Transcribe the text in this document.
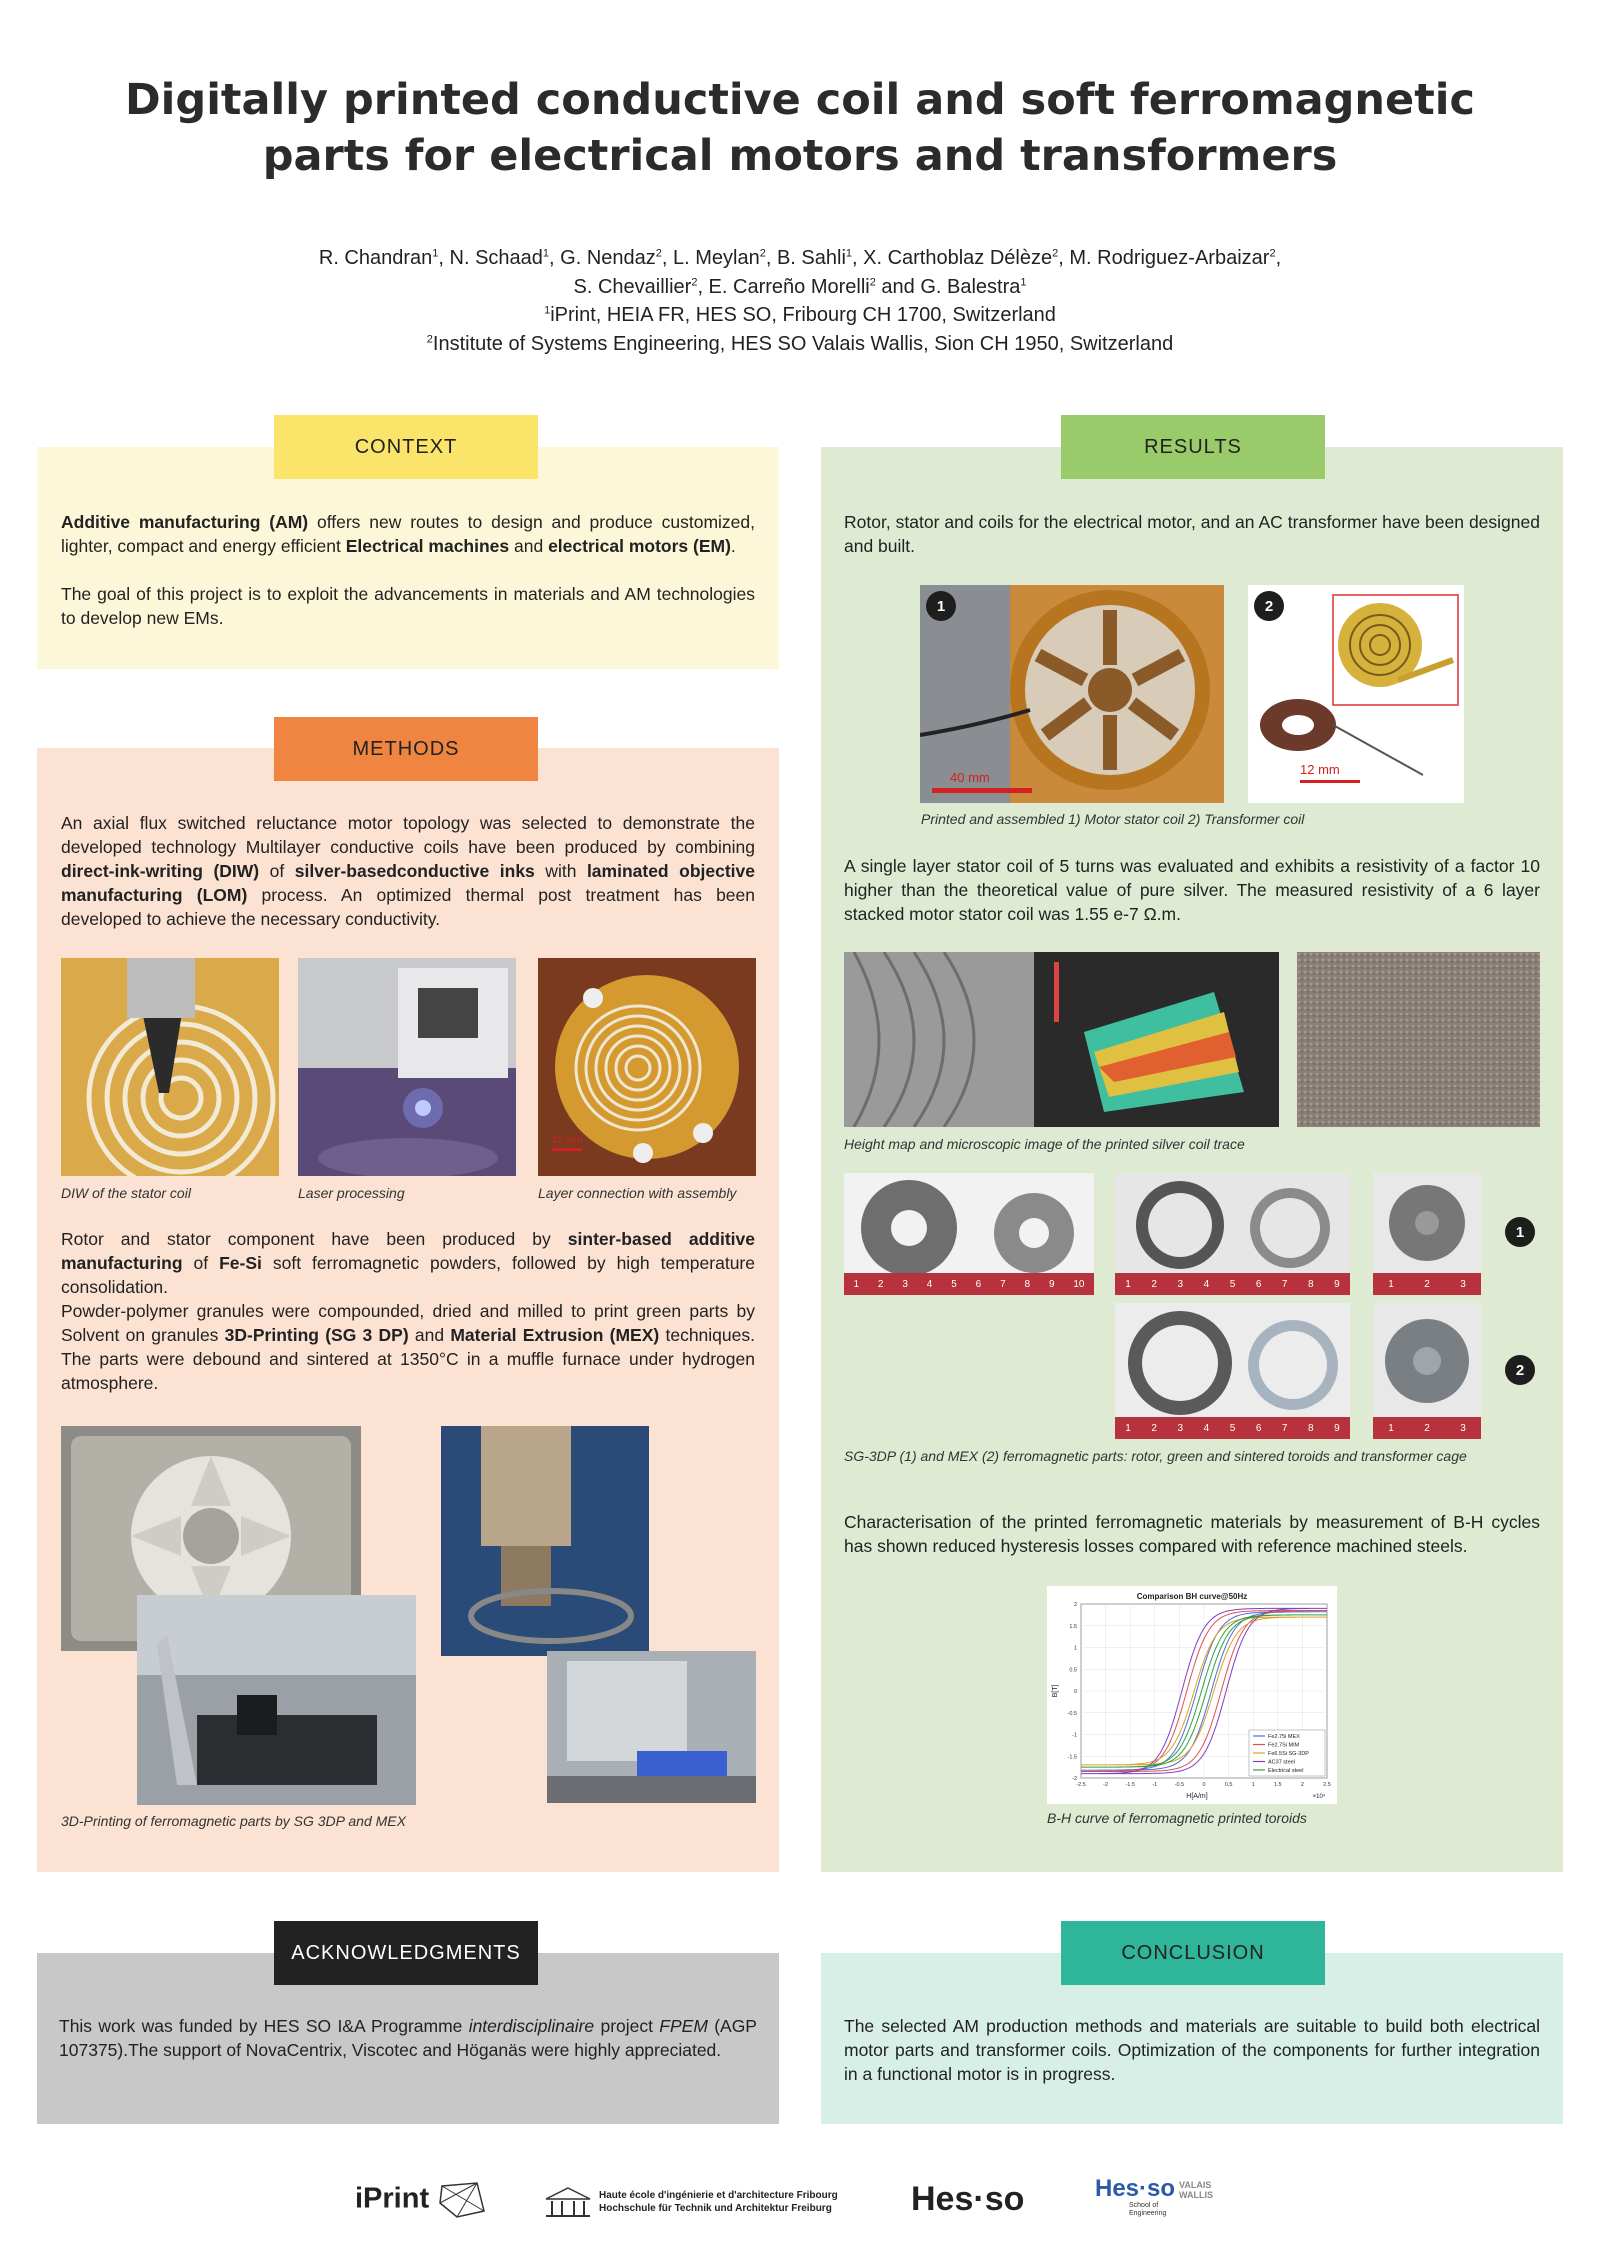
Digitally printed conductive coil and soft ferromagnetic
parts for electrical motors and transformers
R. Chandran$^1$, N. Schaad$^1$, G. Nendaz$^2$, L. Meylan$^2$, B. Sahli$^1$, X. Carthoblaz Délèze$^2$, M. Rodriguez-Arbaizar$^2$,
S. Chevaillier$^2$, E. Carreño Morelli$^2$ and G. Balestra$^1$
$^1$iPrint, HEIA FR, HES SO, Fribourg CH 1700, Switzerland
$^2$Institute of Systems Engineering, HES SO Valais Wallis, Sion CH 1950, Switzerland
CONTEXT
Additive manufacturing (AM) offers new routes to design and produce customized, lighter, compact and energy efficient Electrical machines and electrical motors (EM).
The goal of this project is to exploit the advancements in materials and AM technologies to develop new EMs.
METHODS
An axial flux switched reluctance motor topology was selected to demonstrate the developed technology Multilayer conductive coils have been produced by combining direct-ink-writing (DIW) of silver-basedconductive inks with laminated objective manufacturing (LOM) process. An optimized thermal post treatment has been developed to achieve the necessary conductivity.
DIW of the stator coil	Laser processing
12 mm
Layer connection with assembly
Rotor and stator component have been produced by sinter-based additive manufacturing of Fe-Si soft ferromagnetic powders, followed by high temperature consolidation.
Powder-polymer granules were compounded, dried and milled to print green parts by Solvent on granules 3D-Printing (SG 3 DP) and Material Extrusion (MEX) techniques. The parts were debound and sintered at 1350°C in a muffle furnace under hydrogen atmosphere.
3D-Printing of ferromagnetic parts by SG 3DP and MEX
RESULTS
Rotor, stator and coils for the electrical motor, and an AC transformer have been designed and built.
1
40 mm
2
12 mm
Printed and assembled 1) Motor stator coil 2) Transformer coil
A single layer stator coil of 5 turns was evaluated and exhibits a resistivity of a factor 10 higher than the theoretical value of pure silver. The measured resistivity of a 6 layer stacked motor stator coil was 1.55 e-7 Ω.m.
Height map and microscopic image of the printed silver coil trace
1 2 3 4 5 6 7 8 9 10	1 2 3 4 5 6 7 8 9	1	2	3
1
1 2 3 4 5 6 7 8 9	1	2	3
2
SG-3DP (1) and MEX (2) ferromagnetic parts: rotor, green and sintered toroids and transformer cage
Characterisation of the printed ferromagnetic materials by measurement of B-H cycles has shown reduced hysteresis losses compared with reference machined steels.
Comparison BH curve@50Hz
-2.5	-2	-1.5	-1	-0.5	0	0.5	1	1.5	2	2.5
2
1.5
1
0.5
0
-0.5
-1
-1.5
-2
Fe2.75i MEX
Fe2.7Si MIM
Fe6.5Si SG-3DP
AC37 steel
Electrical steel
H[A/m]	×10⁴
B[T]
B-H curve of ferromagnetic printed toroids
ACKNOWLEDGMENTS
This work was funded by HES SO I&A Programme interdisciplinaire project FPEM (AGP 107375).The support of NovaCentrix, Viscotec and Höganäs were highly appreciated.
CONCLUSION
The selected AM production methods and materials are suitable to build both electrical motor parts and transformer coils. Optimization of the components for further integration in a functional motor is in progress.
iPrint	Haute école d'ingénierie et d'architecture Fribourg
Hochschule für Technik und Architektur Freiburg Hes·so	Hes·so
School of
Engineering
VALAIS
WALLIS
